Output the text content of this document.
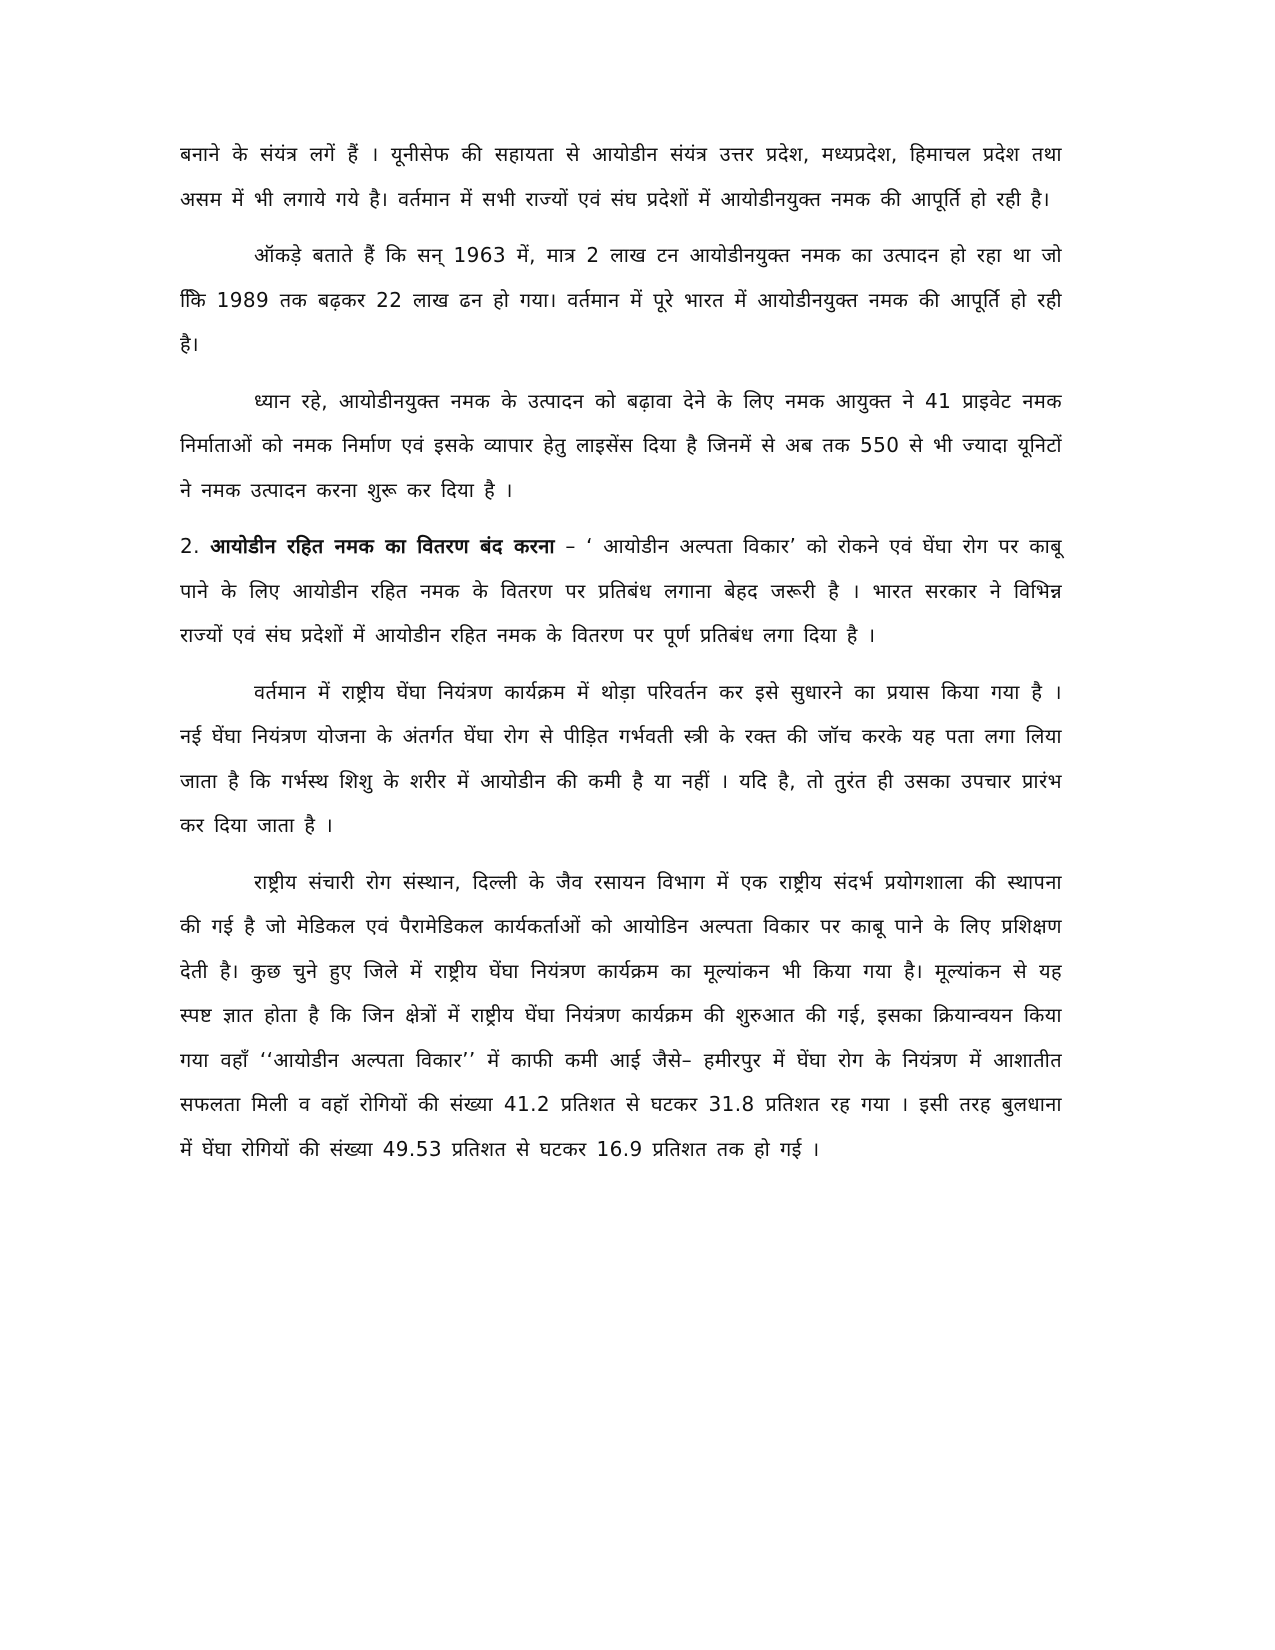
बनाने के संयंत्र लगें हैं । यूनीसेफ की सहायता से आयोडीन संयंत्र उत्तर प्रदेश, मध्यप्रदेश, हिमाचल प्रदेश तथा असम में भी लगाये गये है। वर्तमान में सभी राज्यों एवं संघ प्रदेशों में आयोडीनयुक्त नमक की आपूर्ति हो रही है।

ऑकड़े बताते हैं कि सन् 1963 में, मात्र 2 लाख टन आयोडीनयुक्त नमक का उत्पादन हो रहा था जो किि 1989 तक बढ़कर 22 लाख ढन हो गया। वर्तमान में पूरे भारत में आयोडीनयुक्त नमक की आपूर्ति हो रही है।

ध्यान रहे, आयोडीनयुक्त नमक के उत्पादन को बढ़ावा देने के लिए नमक आयुक्त ने 41 प्राइवेट नमक निर्माताओं को नमक निर्माण एवं इसके व्यापार हेतु लाइसेंस दिया है जिनमें से अब तक 550 से भी ज्यादा यूनिटों ने नमक उत्पादन करना शुरू कर दिया है ।

2. आयोडीन रहित नमक का वितरण बंद करना – ‘ आयोडीन अल्पता विकार’ को रोकने एवं घेंघा रोग पर काबू पाने के लिए आयोडीन रहित नमक के वितरण पर प्रतिबंध लगाना बेहद जरूरी है । भारत सरकार ने विभिन्न राज्यों एवं संघ प्रदेशों में आयोडीन रहित नमक के वितरण पर पूर्ण प्रतिबंध लगा दिया है ।

वर्तमान में राष्ट्रीय घेंघा नियंत्रण कार्यक्रम में थोड़ा परिवर्तन कर इसे सुधारने का प्रयास किया गया है । नई घेंघा नियंत्रण योजना के अंतर्गत घेंघा रोग से पीड़ित गर्भवती स्त्री के रक्त की जॉच करके यह पता लगा लिया जाता है कि गर्भस्थ शिशु के शरीर में आयोडीन की कमी है या नहीं । यदि है, तो तुरंत ही उसका उपचार प्रारंभ कर दिया जाता है ।

राष्ट्रीय संचारी रोग संस्थान, दिल्ली के जैव रसायन विभाग में एक राष्ट्रीय संदर्भ प्रयोगशाला की स्थापना की गई है जो मेडिकल एवं पैरामेडिकल कार्यकर्ताओं को आयोडिन अल्पता विकार पर काबू पाने के लिए प्रशिक्षण देती है। कुछ चुने हुए जिले में राष्ट्रीय घेंघा नियंत्रण कार्यक्रम का मूल्यांकन भी किया गया है। मूल्यांकन से यह स्पष्ट ज्ञात होता है कि जिन क्षेत्रों में राष्ट्रीय घेंघा नियंत्रण कार्यक्रम की शुरुआत की गई, इसका क्रियान्वयन किया गया वहॉं ‘‘आयोडीन अल्पता विकार’’ में काफी कमी आई जैसे– हमीरपुर में घेंघा रोग के नियंत्रण में आशातीत सफलता मिली व वहॉ रोगियों की संख्या 41.2 प्रतिशत से घटकर 31.8 प्रतिशत रह गया । इसी तरह बुलधाना में घेंघा रोगियों की संख्या 49.53 प्रतिशत से घटकर 16.9 प्रतिशत तक हो गई ।
